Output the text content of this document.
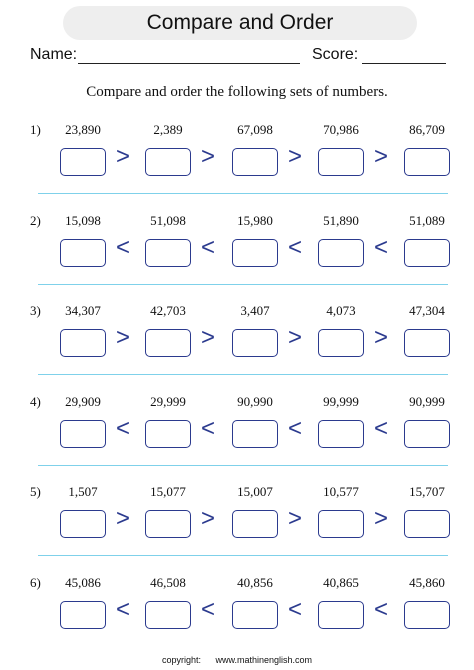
Compare and Order
Name:	Score:
Compare and order the following sets of numbers.
1)	23,890
>
2,389
>
67,098
>
70,986
>
86,709
2)	15,098
<
51,098
<
15,980
<
51,890
<
51,089
3)	34,307
>
42,703
>
3,407
>
4,073
>
47,304
4)	29,909
<
29,999
<
90,990
<
99,999
<
90,999
5)	1,507
>
15,077
>
15,007
>
10,577
>
15,707
6)	45,086
<
46,508
<
40,856
<
40,865
<
45,860
copyright: www.mathinenglish.com
